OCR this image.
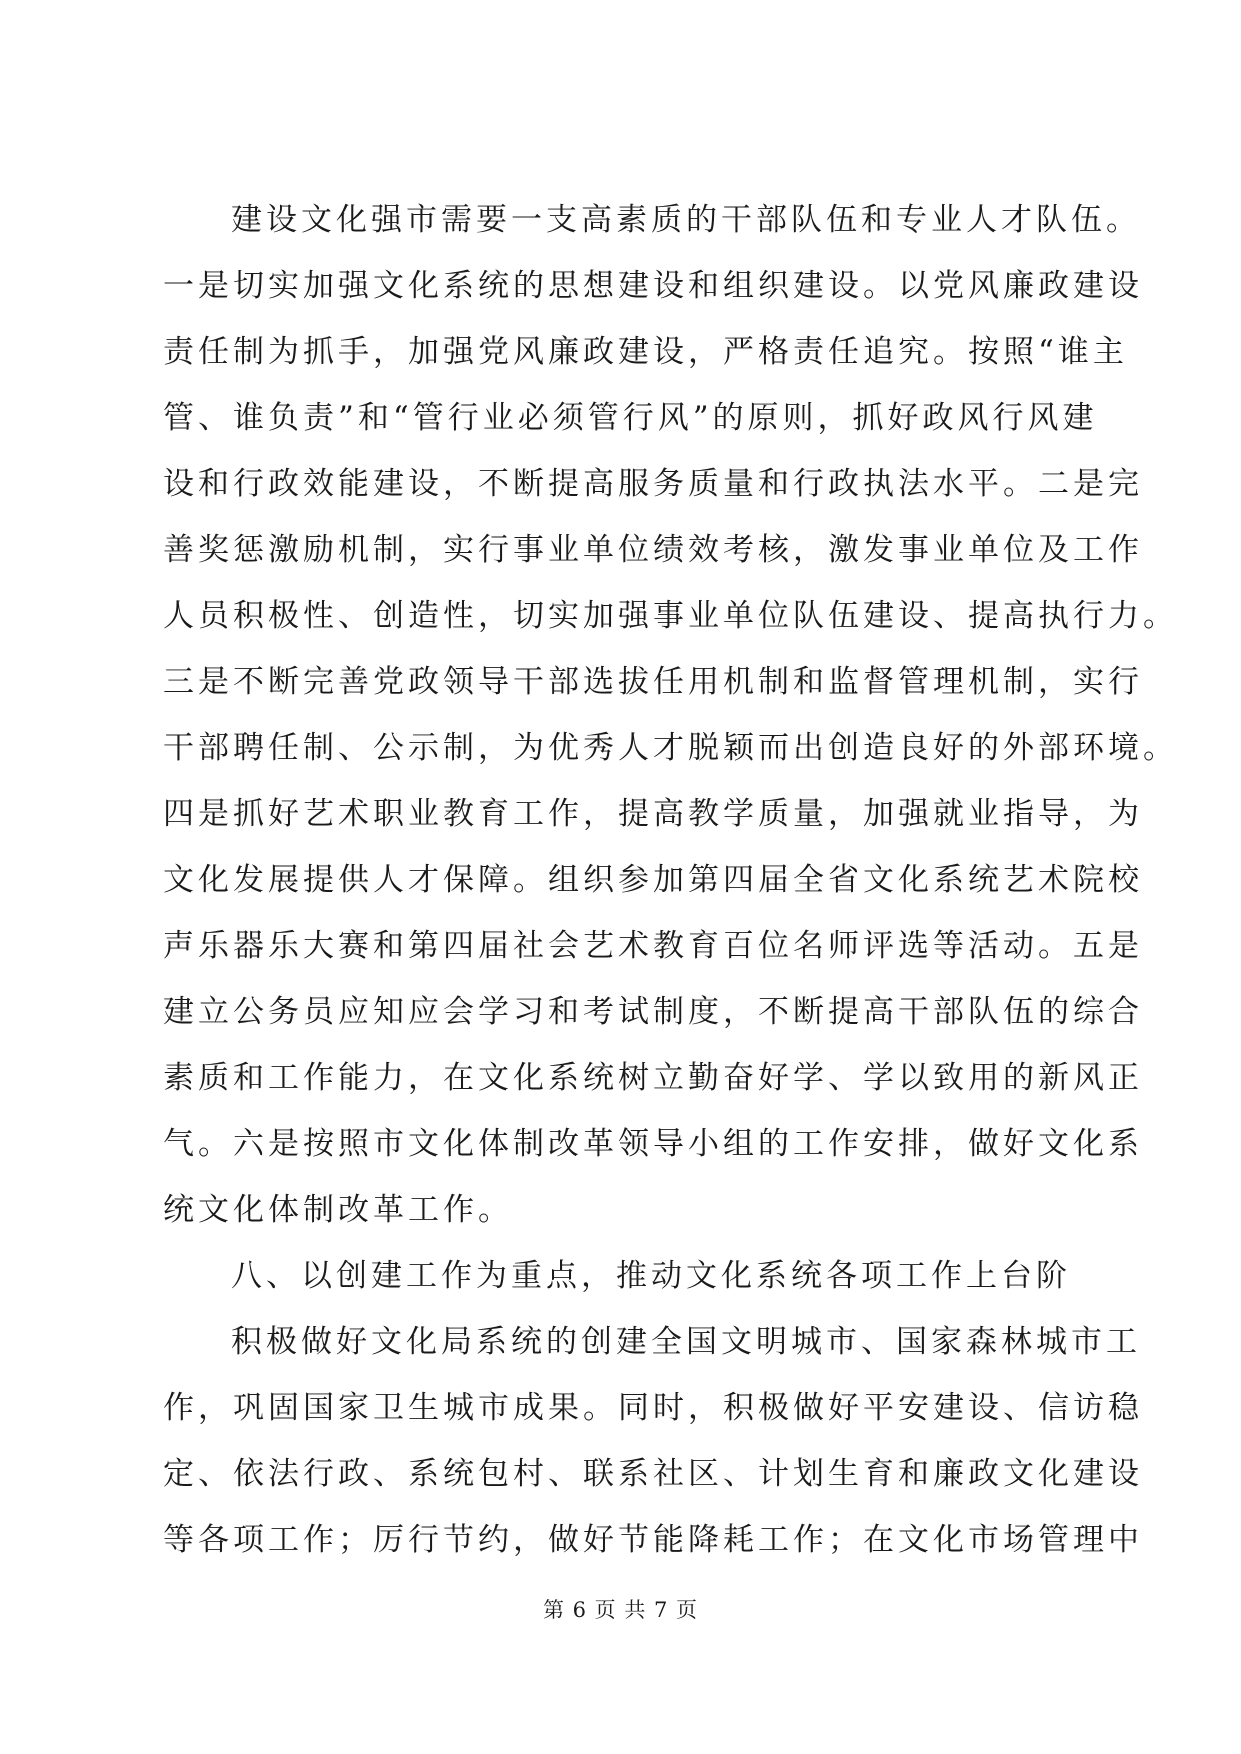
建设文化强市需要一支高素质的干部队伍和专业人才队伍。
一是切实加强文化系统的思想建设和组织建设。以党风廉政建设
责任制为抓手，加强党风廉政建设，严格责任追究。按照“谁主
管、谁负责”和“管行业必须管行风”的原则，抓好政风行风建
设和行政效能建设，不断提高服务质量和行政执法水平。二是完
善奖惩激励机制，实行事业单位绩效考核，激发事业单位及工作
人员积极性、创造性，切实加强事业单位队伍建设、提高执行力。
三是不断完善党政领导干部选拔任用机制和监督管理机制，实行
干部聘任制、公示制，为优秀人才脱颖而出创造良好的外部环境。
四是抓好艺术职业教育工作，提高教学质量，加强就业指导，为
文化发展提供人才保障。组织参加第四届全省文化系统艺术院校
声乐器乐大赛和第四届社会艺术教育百位名师评选等活动。五是
建立公务员应知应会学习和考试制度，不断提高干部队伍的综合
素质和工作能力，在文化系统树立勤奋好学、学以致用的新风正
气。六是按照市文化体制改革领导小组的工作安排，做好文化系
统文化体制改革工作。
八、以创建工作为重点，推动文化系统各项工作上台阶
积极做好文化局系统的创建全国文明城市、国家森林城市工
作，巩固国家卫生城市成果。同时，积极做好平安建设、信访稳
定、依法行政、系统包村、联系社区、计划生育和廉政文化建设
第 6 页 共 7 页
等各项工作；厉行节约，做好节能降耗工作；在文化市场管理中
